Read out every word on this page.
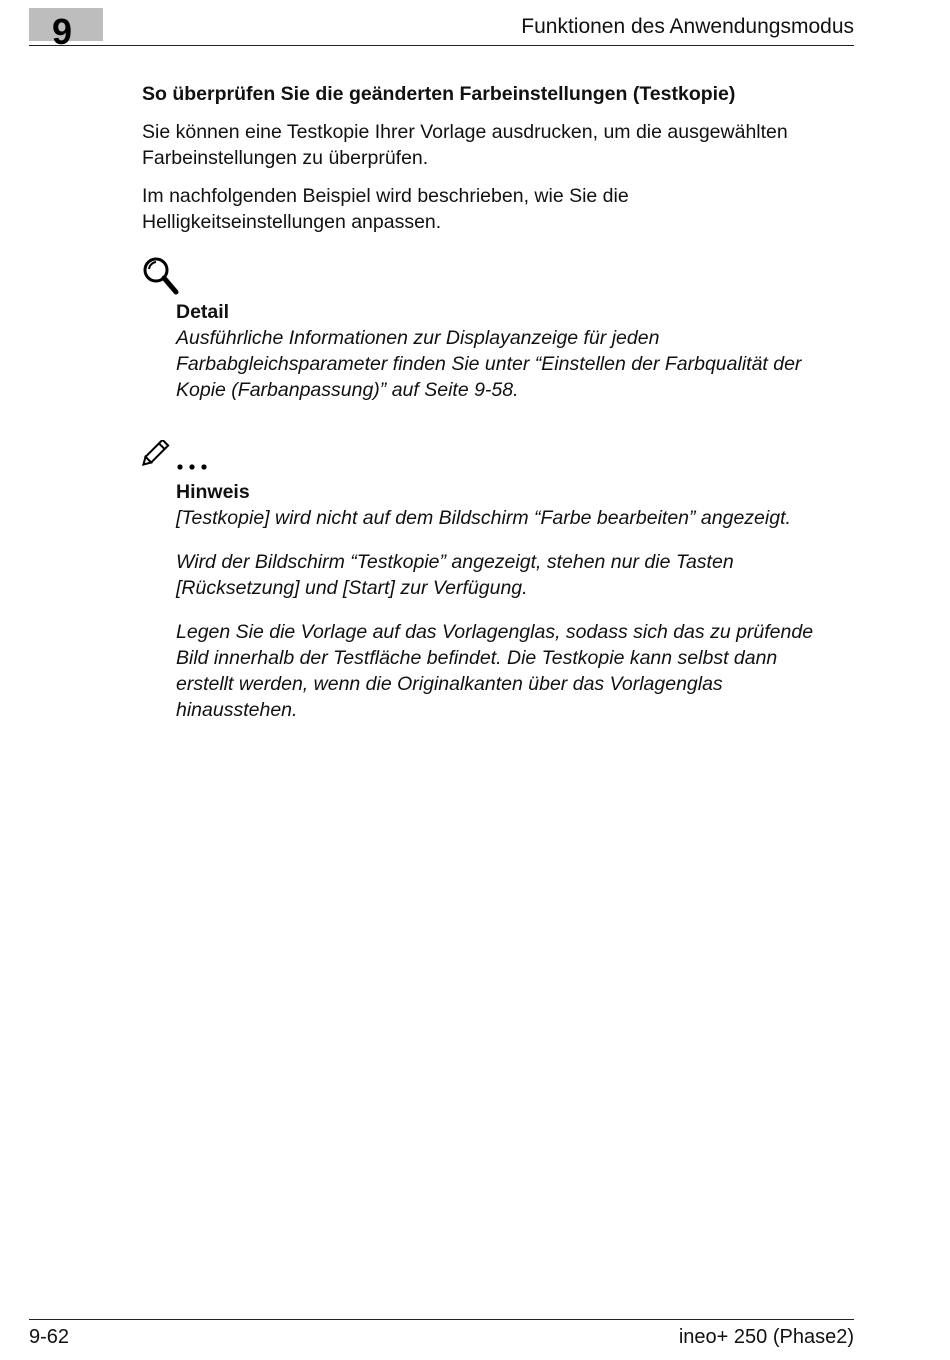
9	Funktionen des Anwendungsmodus
So überprüfen Sie die geänderten Farbeinstellungen (Testkopie)
Sie können eine Testkopie Ihrer Vorlage ausdrucken, um die ausgewählten
Farbeinstellungen zu überprüfen.
Im nachfolgenden Beispiel wird beschrieben, wie Sie die
Helligkeitseinstellungen anpassen.
Detail
Ausführliche Informationen zur Displayanzeige für jeden
Farbabgleichsparameter finden Sie unter “Einstellen der Farbqualität der
Kopie (Farbanpassung)” auf Seite 9-58.
Hinweis
[Testkopie] wird nicht auf dem Bildschirm “Farbe bearbeiten” angezeigt.
Wird der Bildschirm “Testkopie” angezeigt, stehen nur die Tasten
[Rücksetzung] und [Start] zur Verfügung.
Legen Sie die Vorlage auf das Vorlagenglas, sodass sich das zu prüfende
Bild innerhalb der Testfläche befindet. Die Testkopie kann selbst dann
erstellt werden, wenn die Originalkanten über das Vorlagenglas
hinausstehen.
9-62	ineo+ 250 (Phase2)
